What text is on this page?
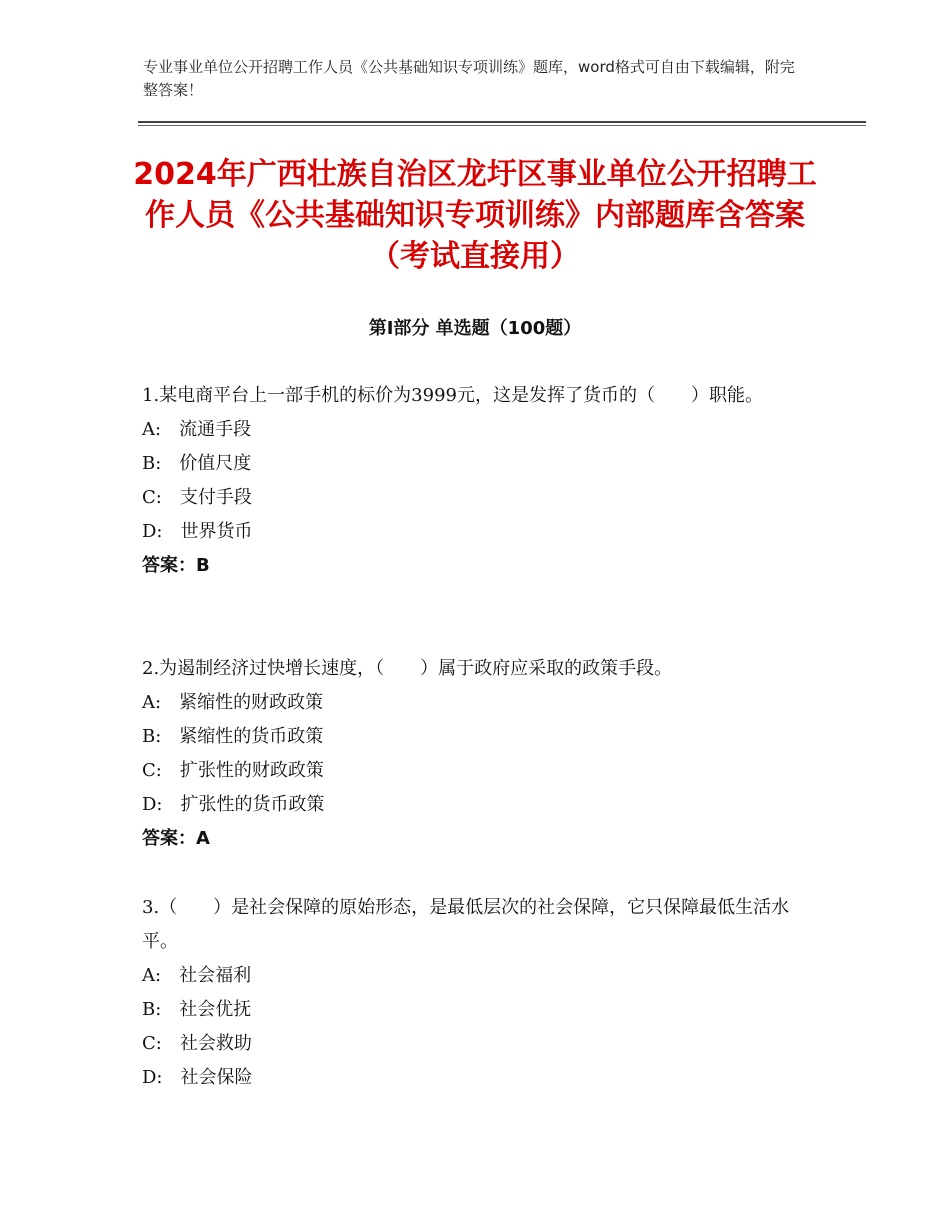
专业事业单位公开招聘工作人员《公共基础知识专项训练》题库，word格式可自由下载编辑，附完整答案！
2024年广西壮族自治区龙圩区事业单位公开招聘工作人员《公共基础知识专项训练》内部题库含答案（考试直接用）
第Ⅰ部分 单选题（100题）

1.某电商平台上一部手机的标价为3999元，这是发挥了货币的（　　）职能。

A:　流通手段

B:　价值尺度

C:　支付手段

D:　世界货币

答案：B

2.为遏制经济过快增长速度，（　　）属于政府应采取的政策手段。

A:　紧缩性的财政政策

B:　紧缩性的货币政策

C:　扩张性的财政政策

D:　扩张性的货币政策

答案：A

3.（　　）是社会保障的原始形态，是最低层次的社会保障，它只保障最低生活水平。

A:　社会福利

B:　社会优抚

C:　社会救助

D:　社会保险
